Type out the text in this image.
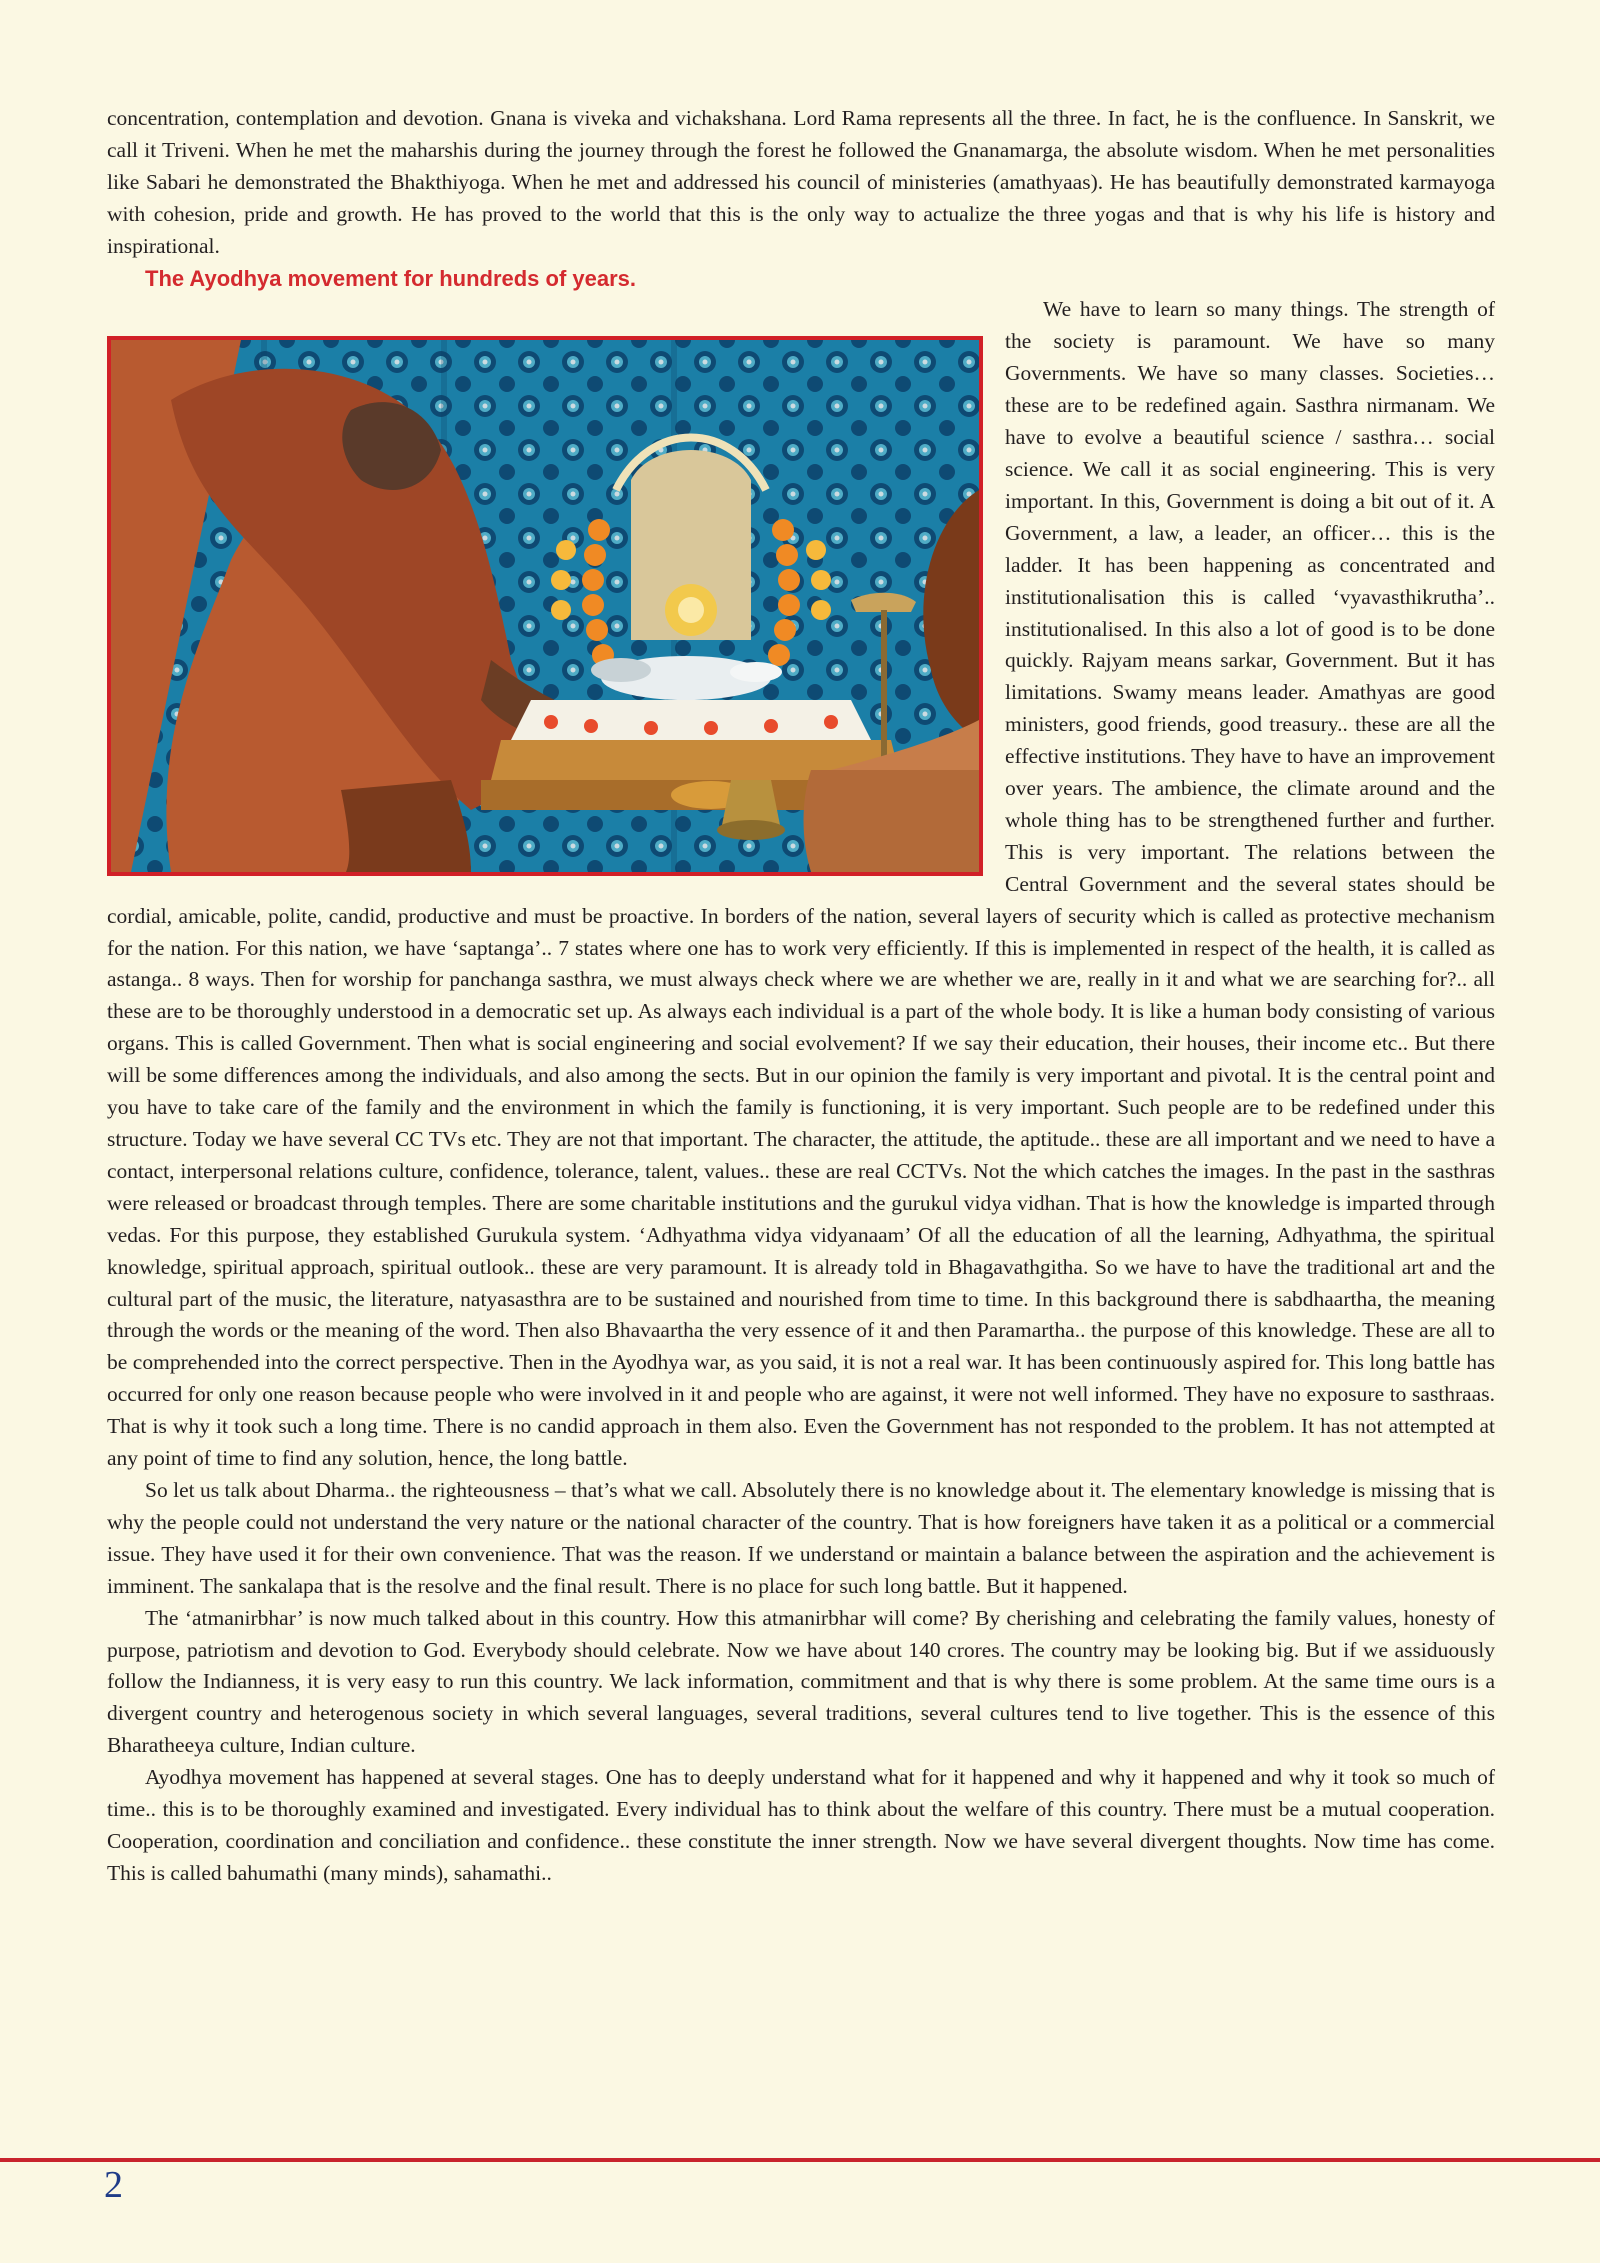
concentration, contemplation and devotion. Gnana is viveka and vichakshana. Lord Rama represents all the three. In fact, he is the confluence. In Sanskrit, we call it Triveni. When he met the maharshis during the journey through the forest he followed the Gnanamarga, the absolute wisdom. When he met personalities like Sabari he demonstrated the Bhakthiyoga. When he met and addressed his council of ministeries (amathyaas). He has beautifully demonstrated karmayoga with cohesion, pride and growth. He has proved to the world that this is the only way to actualize the three yogas and that is why his life is history and inspirational.

The Ayodhya movement for hundreds of years.

We have to learn so many things. The strength of the society is paramount. We have so many Governments. We have so many classes. Societies… these are to be redefined again. Sasthra nirmanam. We have to evolve a beautiful science / sasthra… social science. We call it as social engineering. This is very important. In this, Government is doing a bit out of it. A Government, a law, a leader, an officer… this is the ladder. It has been happening as concentrated and institutionalisation this is called ‘vyavasthikrutha’.. institutionalised. In this also a lot of good is to be done quickly. Rajyam means sarkar, Government. But it has limitations. Swamy means leader. Amathyas are good ministers, good friends, good treasury.. these are all the effective institutions. They have to have an improvement over years. The ambience, the climate around and the whole thing has to be strengthened further and further. This is very important. The relations between the Central Government and the several states should be cordial, amicable, polite, candid, productive and must be proactive. In borders of the nation, several layers of security which is called as protective mechanism for the nation. For this nation, we have ‘saptanga’.. 7 states where one has to work very efficiently. If this is implemented in respect of the health, it is called as astanga.. 8 ways. Then for worship for panchanga sasthra, we must always check where we are whether we are, really in it and what we are searching for?.. all these are to be thoroughly understood in a democratic set up. As always each individual is a part of the whole body. It is like a human body consisting of various organs. This is called Government. Then what is social engineering and social evolvement? If we say their education, their houses, their income etc.. But there will be some differences among the individuals, and also among the sects. But in our opinion the family is very important and pivotal. It is the central point and you have to take care of the family and the environment in which the family is functioning, it is very important. Such people are to be redefined under this structure. Today we have several CC TVs etc. They are not that important. The character, the attitude, the aptitude.. these are all important and we need to have a contact, interpersonal relations culture, confidence, tolerance, talent, values.. these are real CCTVs. Not the which catches the images. In the past in the sasthras were released or broadcast through temples. There are some charitable institutions and the gurukul vidya vidhan. That is how the knowledge is imparted through vedas. For this purpose, they established Gurukula system. ‘Adhyathma vidya vidyanaam’ Of all the education of all the learning, Adhyathma, the spiritual knowledge, spiritual approach, spiritual outlook.. these are very paramount. It is already told in Bhagavathgitha. So we have to have the traditional art and the cultural part of the music, the literature, natyasasthra are to be sustained and nourished from time to time. In this background there is sabdhaartha, the meaning through the words or the meaning of the word. Then also Bhavaartha the very essence of it and then Paramartha.. the purpose of this knowledge. These are all to be comprehended into the correct perspective. Then in the Ayodhya war, as you said, it is not a real war. It has been continuously aspired for. This long battle has occurred for only one reason because people who were involved in it and people who are against, it were not well informed. They have no exposure to sasthraas. That is why it took such a long time. There is no candid approach in them also. Even the Government has not responded to the problem. It has not attempted at any point of time to find any solution, hence, the long battle.

So let us talk about Dharma.. the righteousness – that’s what we call. Absolutely there is no knowledge about it. The elementary knowledge is missing that is why the people could not understand the very nature or the national character of the country. That is how foreigners have taken it as a political or a commercial issue. They have used it for their own convenience. That was the reason. If we understand or maintain a balance between the aspiration and the achievement is imminent. The sankalapa that is the resolve and the final result. There is no place for such long battle. But it happened.

The ‘atmanirbhar’ is now much talked about in this country. How this atmanirbhar will come? By cherishing and celebrating the family values, honesty of purpose, patriotism and devotion to God. Everybody should celebrate. Now we have about 140 crores. The country may be looking big. But if we assiduously follow the Indianness, it is very easy to run this country. We lack information, commitment and that is why there is some problem. At the same time ours is a divergent country and heterogenous society in which several languages, several traditions, several cultures tend to live together. This is the essence of this Bharatheeya culture, Indian culture.

Ayodhya movement has happened at several stages. One has to deeply understand what for it happened and why it happened and why it took so much of time.. this is to be thoroughly examined and investigated. Every individual has to think about the welfare of this country. There must be a mutual cooperation. Cooperation, coordination and conciliation and confidence.. these constitute the inner strength. Now we have several divergent thoughts. Now time has come. This is called bahumathi (many minds), sahamathi..

2
